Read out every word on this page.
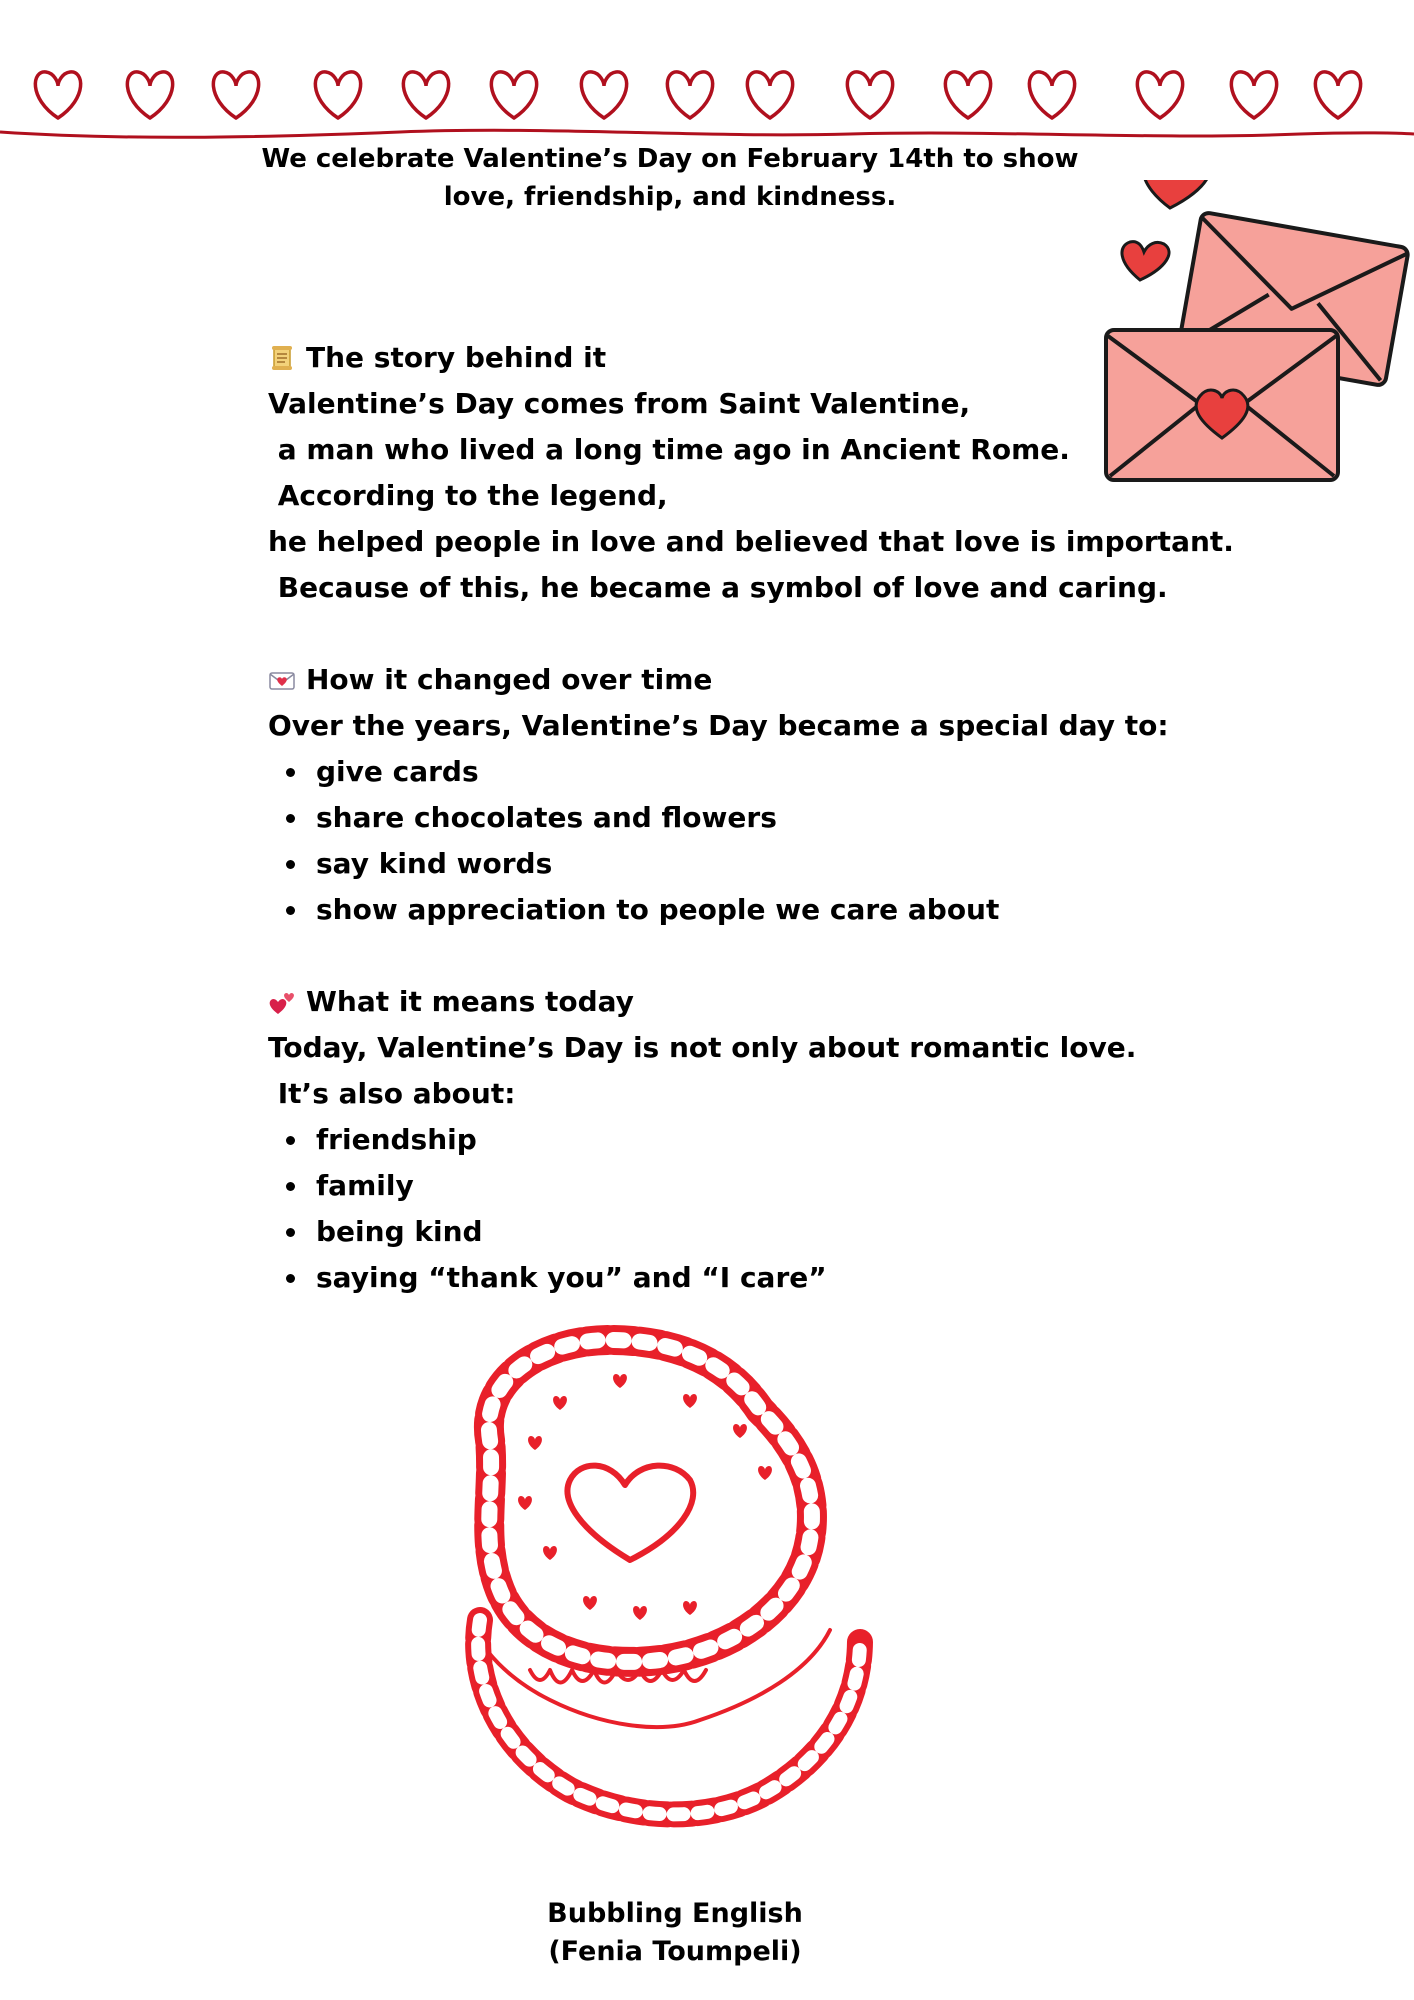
We celebrate Valentine’s Day on February 14th to show
love, friendship, and kindness.
The story behind it
Valentine’s Day comes from Saint Valentine,
a man who lived a long time ago in Ancient Rome.
According to the legend,
he helped people in love and believed that love is important.
Because of this, he became a symbol of love and caring.
How it changed over time
Over the years, Valentine’s Day became a special day to:
give cards
share chocolates and flowers
say kind words
show appreciation to people we care about
What it means today
Today, Valentine’s Day is not only about romantic love.
It’s also about:
friendship
family
being kind
saying “thank you” and “I care”
Bubbling English
(Fenia Toumpeli)
